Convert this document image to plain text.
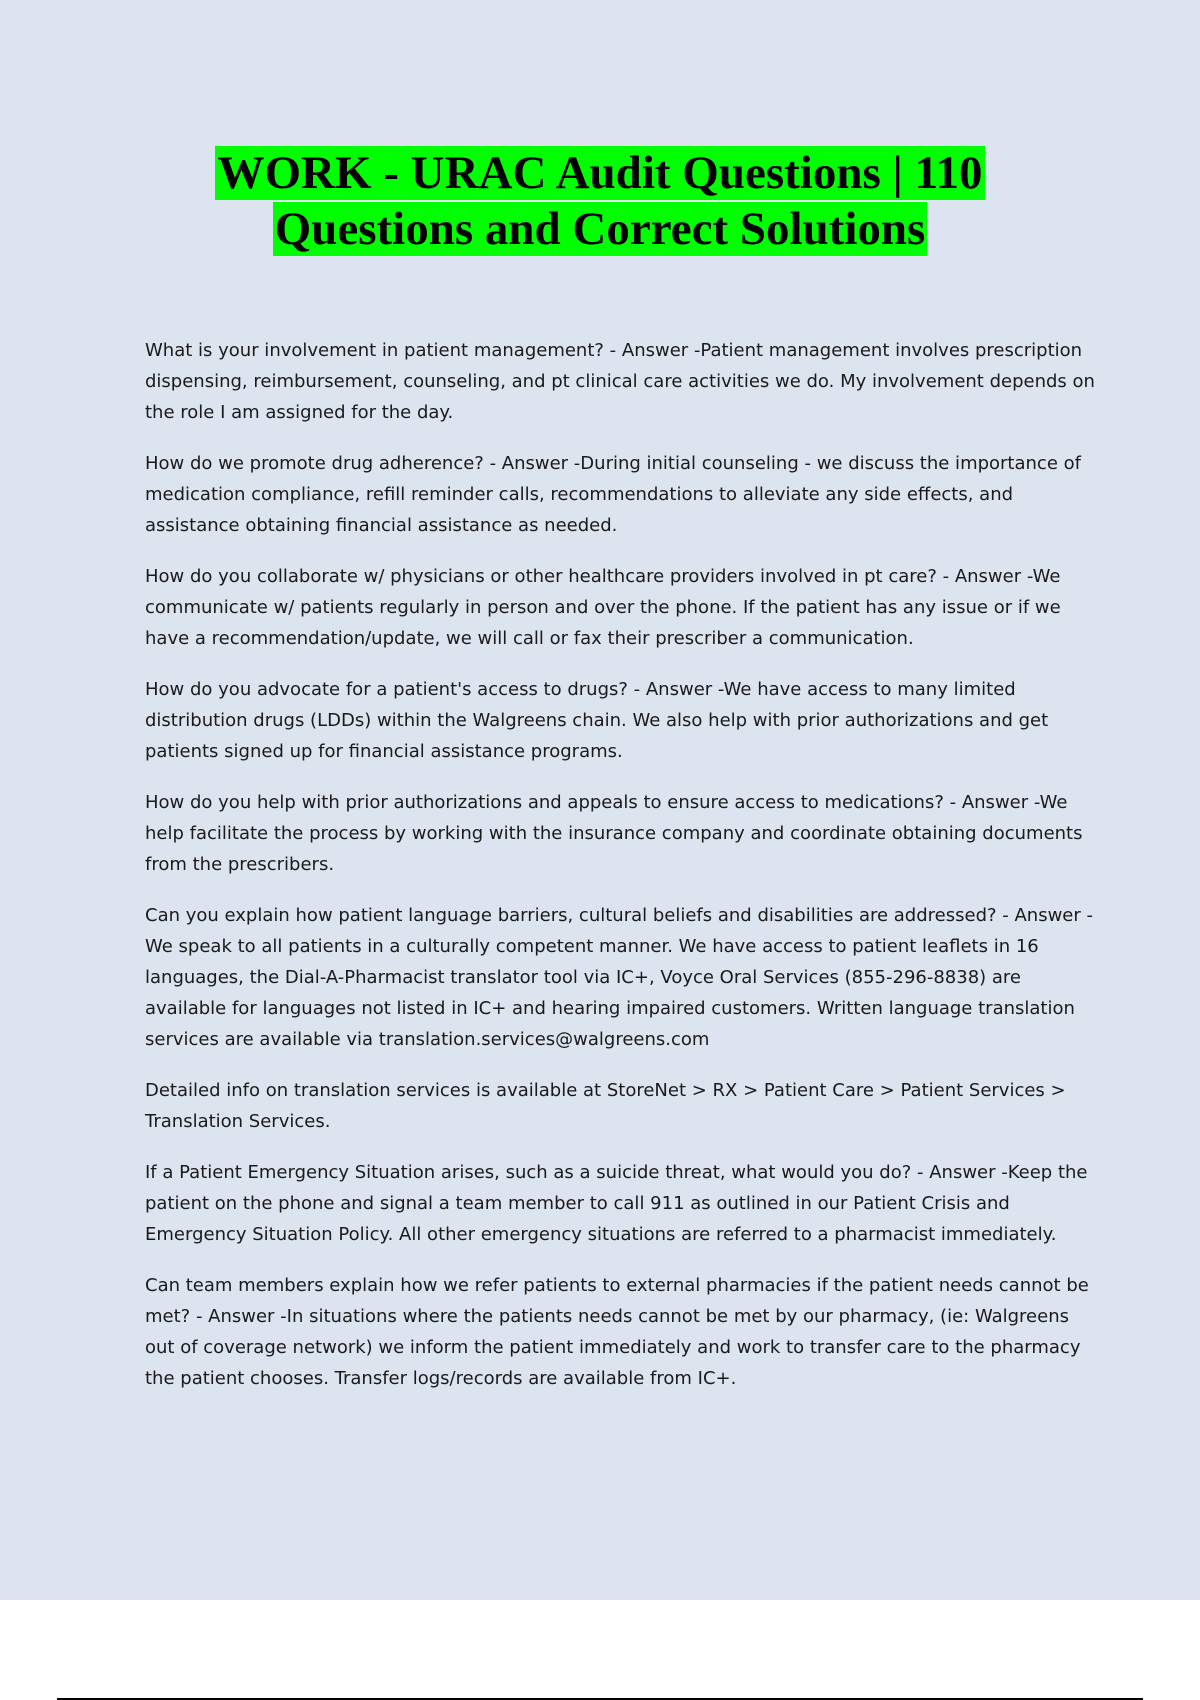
WORK - URAC Audit Questions | 110
Questions and Correct Solutions

What is your involvement in patient management? - Answer -Patient management involves prescription dispensing, reimbursement, counseling, and pt clinical care activities we do. My involvement depends on the role I am assigned for the day.

How do we promote drug adherence? - Answer -During initial counseling - we discuss the importance of medication compliance, refill reminder calls, recommendations to alleviate any side effects, and assistance obtaining financial assistance as needed.

How do you collaborate w/ physicians or other healthcare providers involved in pt care? - Answer -We communicate w/ patients regularly in person and over the phone. If the patient has any issue or if we have a recommendation/update, we will call or fax their prescriber a communication.

How do you advocate for a patient's access to drugs? - Answer -We have access to many limited distribution drugs (LDDs) within the Walgreens chain. We also help with prior authorizations and get patients signed up for financial assistance programs.

How do you help with prior authorizations and appeals to ensure access to medications? - Answer -We help facilitate the process by working with the insurance company and coordinate obtaining documents from the prescribers.

Can you explain how patient language barriers, cultural beliefs and disabilities are addressed? - Answer -We speak to all patients in a culturally competent manner. We have access to patient leaflets in 16 languages, the Dial-A-Pharmacist translator tool via IC+, Voyce Oral Services (855-296-8838) are available for languages not listed in IC+ and hearing impaired customers. Written language translation services are available via translation.services@walgreens.com

Detailed info on translation services is available at StoreNet > RX > Patient Care > Patient Services > Translation Services.

If a Patient Emergency Situation arises, such as a suicide threat, what would you do? - Answer -Keep the patient on the phone and signal a team member to call 911 as outlined in our Patient Crisis and Emergency Situation Policy. All other emergency situations are referred to a pharmacist immediately.

Can team members explain how we refer patients to external pharmacies if the patient needs cannot be met? - Answer -In situations where the patients needs cannot be met by our pharmacy, (ie: Walgreens out of coverage network) we inform the patient immediately and work to transfer care to the pharmacy the patient chooses. Transfer logs/records are available from IC+.
